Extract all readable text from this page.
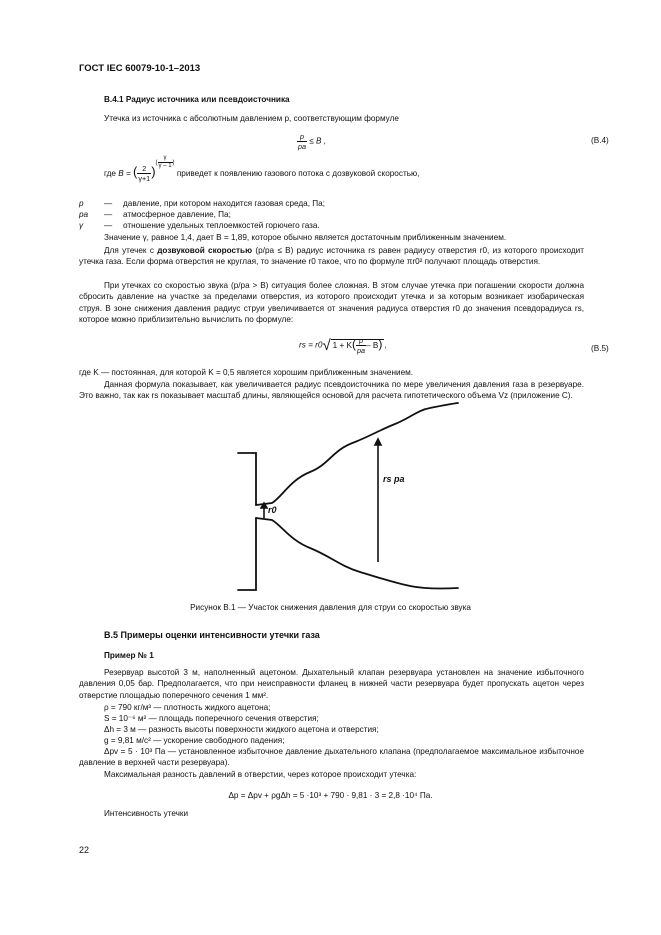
ГОСТ IEC 60079-10-1–2013
В.4.1 Радиус источника или псевдоисточника
Утечка из источника с абсолютным давлением p, соответствующим формуле
$\frac{p}{pa} \le B$ ,	(В.4)
где B = ( $\frac{2}{\gamma+1}$ )( $\frac{\gamma}{\gamma - 1}$ ) приведет к появлению газового потока с дозвуковой скоростью,
p — давление, при котором находится газовая среда, Па;
pa — атмосферное давление, Па;
γ	— отношение удельных теплоемкостей горючего газа.
Значение γ, равное 1,4, дает B = 1,89, которое обычно является достаточным приближенным значением.
Для утечек с дозвуковой скоростью (p/pa ≤ B) радиус источника rs равен радиусу отверстия r0, из которого происходит утечка газа. Если форма отверстия не круглая, то значение r0 такое, что по формуле πr0² получают площадь отверстия.
При утечках со скоростью звука (p/pa > B) ситуация более сложная. В этом случае утечка при погашении скорости должна сбросить давление на участке за пределами отверстия, из которого происходит утечка и за которым возникает изобарическая струя. В зоне снижения давления радиус струи увеличивается от значения радиуса отверстия r0 до значения псевдорадиуса rs, которое можно приблизительно вычислить по формуле:
rs = r0√ $1 + K( \frac{p}{pa} - B)$ ,	(В.5)
где K — постоянная, для которой K = 0,5 является хорошим приближенным значением.
Данная формула показывает, как увеличивается радиус псевдоисточника по мере увеличения давления газа в резервуаре. Это важно, так как rs показывает масштаб длины, являющейся основой для расчета гипотетического объема Vz (приложение С).
rs pa
r0
Рисунок В.1 — Участок снижения давления для струи со скоростью звука
В.5 Примеры оценки интенсивности утечки газа
Пример № 1
Резервуар высотой 3 м, наполненный ацетоном. Дыхательный клапан резервуара установлен на значение избыточного давления 0,05 бар. Предполагается, что при неисправности фланец в нижней части резервуара будет пропускать ацетон через отверстие площадью поперечного сечения 1 мм².
ρ = 790 кг/м³ — плотность жидкого ацетона;
S = 10⁻⁶ м² — площадь поперечного сечения отверстия;
Δh = 3 м — разность высоты поверхности жидкого ацетона и отверстия;
g = 9,81 м/с² — ускорение свободного падения;
Δpv = 5 · 10³ Па — установленное избыточное давление дыхательного клапана (предполагаемое максимальное избыточное давление в верхней части резервуара).
Максимальная разность давлений в отверстии, через которое происходит утечка:
Δp = Δpv + ρgΔh = 5 ·10³ + 790 · 9,81 · 3 = 2,8 ·10⁴ Па.
Интенсивность утечки
22
